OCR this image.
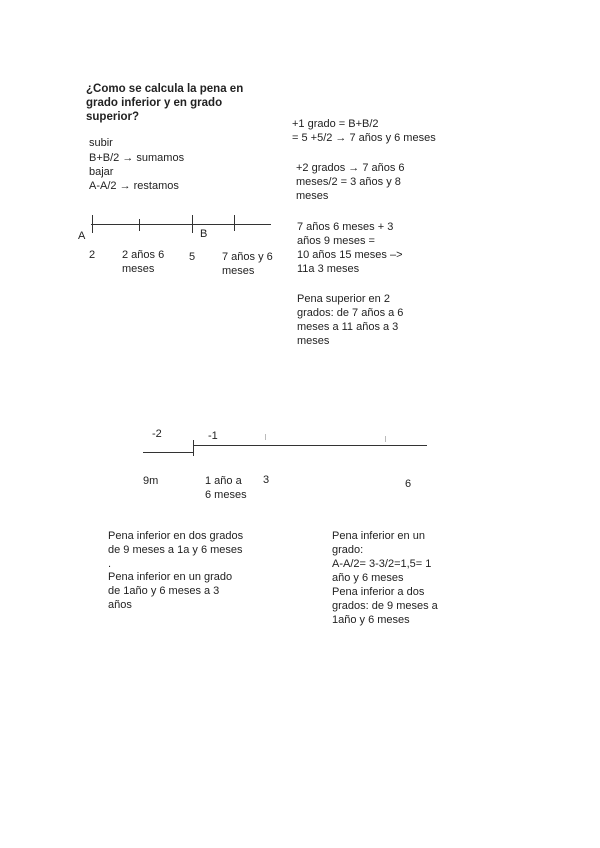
¿Como se calcula la pena en
grado inferior y en grado
superior?
subir
B+B/2 → sumamos
bajar
A-A/2 → restamos
A	B
2 2 años 6
meses
5 7 años y 6
meses
+1 grado = B+B/2
= 5 +5/2 → 7 años y 6 meses
+2 grados → 7 años 6
meses/2 = 3 años y 8
meses
7 años 6 meses + 3
años 9 meses =
10 años 15 meses –>
11a 3 meses
Pena superior en 2
grados: de 7 años a 6
meses a 11 años a 3
meses
-2	-1
9m	1 año a
6 meses
3	6
Pena inferior en dos grados
de 9 meses a 1a y 6 meses
.
Pena inferior en un grado
de 1año y 6 meses a 3
años
Pena inferior en un
grado:
A-A/2= 3-3/2=1,5= 1
año y 6 meses
Pena inferior a dos
grados: de 9 meses a
1año y 6 meses
